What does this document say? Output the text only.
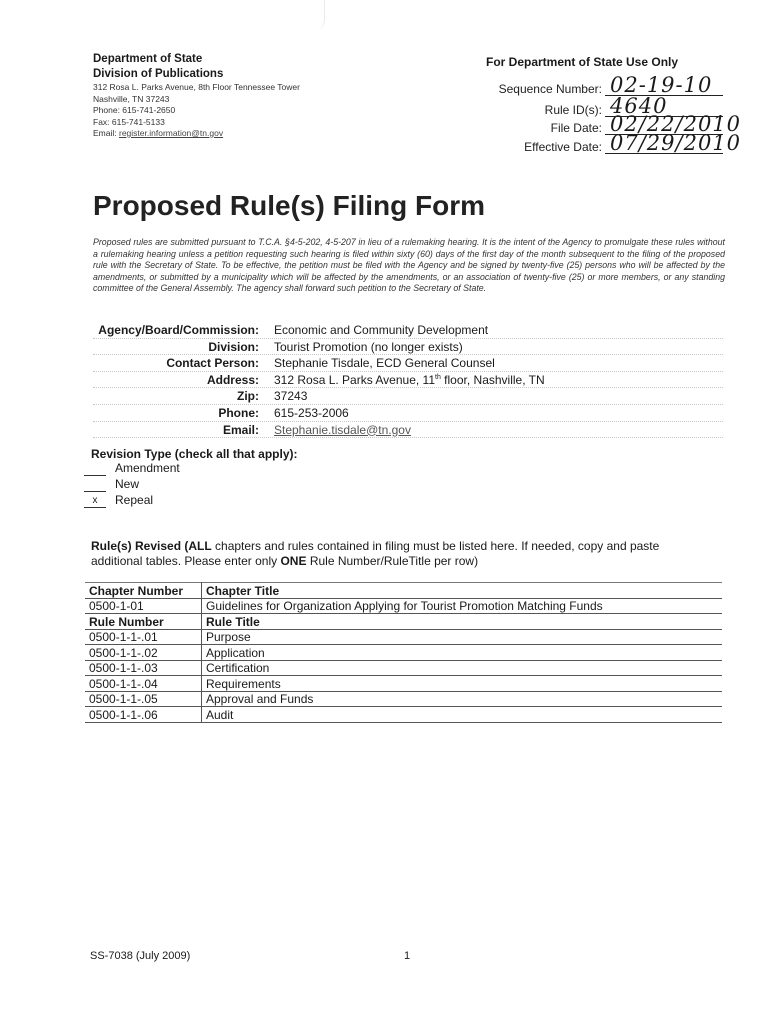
Department of State
Division of Publications
312 Rosa L. Parks Avenue, 8th Floor Tennessee Tower
Nashville, TN 37243
Phone: 615-741-2650
Fax: 615-741-5133
Email: register.information@tn.gov
For Department of State Use Only
Sequence Number: 02-19-10
Rule ID(s): 4640
File Date: 02/22/2010
Effective Date: 07/29/2010
Proposed Rule(s) Filing Form
Proposed rules are submitted pursuant to T.C.A. §4-5-202, 4-5-207 in lieu of a rulemaking hearing. It is the intent of the Agency to promulgate these rules without a rulemaking hearing unless a petition requesting such hearing is filed within sixty (60) days of the first day of the month subsequent to the filing of the proposed rule with the Secretary of State. To be effective, the petition must be filed with the Agency and be signed by twenty-five (25) persons who will be affected by the amendments, or submitted by a municipality which will be affected by the amendments, or an association of twenty-five (25) or more members, or any standing committee of the General Assembly. The agency shall forward such petition to the Secretary of State.
Agency/Board/Commission: Economic and Community Development
Division: Tourist Promotion (no longer exists)
Contact Person: Stephanie Tisdale, ECD General Counsel
Address: 312 Rosa L. Parks Avenue, 11th floor, Nashville, TN
Zip: 37243
Phone: 615-253-2006
Email: Stephanie.tisdale@tn.gov
Revision Type (check all that apply):
Amendment
New
x	Repeal
Rule(s) Revised (ALL chapters and rules contained in filing must be listed here. If needed, copy and paste additional tables. Please enter only ONE Rule Number/RuleTitle per row)
Chapter Number	Chapter Title
0500-1-01	Guidelines for Organization Applying for Tourist Promotion Matching Funds
Rule Number	Rule Title
0500-1-1-.01	Purpose
0500-1-1-.02	Application
0500-1-1-.03	Certification
0500-1-1-.04	Requirements
0500-1-1-.05	Approval and Funds
0500-1-1-.06	Audit
SS-7038 (July 2009)	1
